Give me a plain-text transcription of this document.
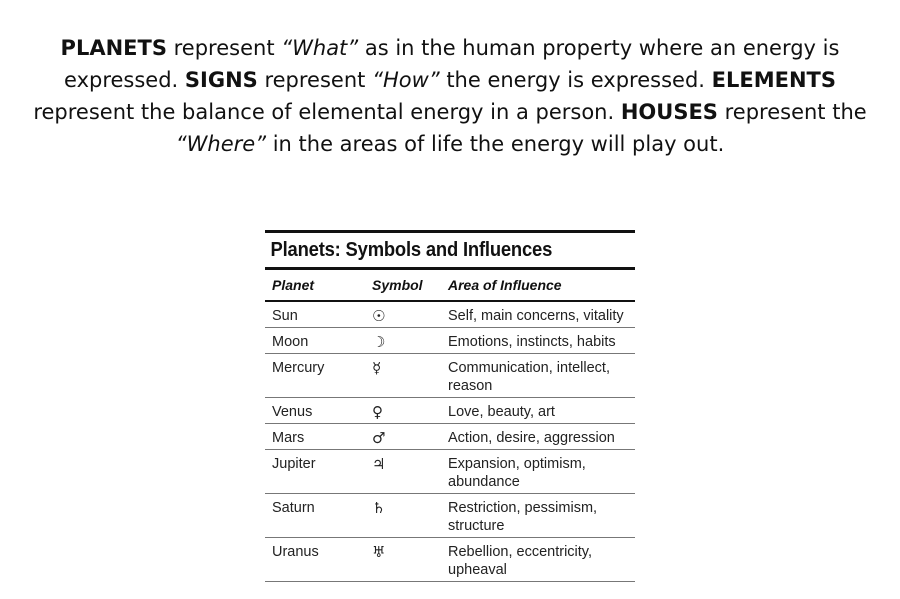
PLANETS represent “What” as in the human property where an energy is expressed. SIGNS represent “How” the energy is expressed. ELEMENTS represent the balance of elemental energy in a person. HOUSES represent the “Where” in the areas of life the energy will play out.
Planets: Symbols and Influences
Planet	Symbol	Area of Influence
Sun	☉	Self, main concerns, vitality
Moon	☽	Emotions, instincts, habits
Mercury	☿	Communication, intellect, reason
Venus	♀	Love, beauty, art
Mars	♂	Action, desire, aggression
Jupiter	♃	Expansion, optimism, abundance
Saturn	♄	Restriction, pessimism, structure
Uranus	♅	Rebellion, eccentricity, upheaval
